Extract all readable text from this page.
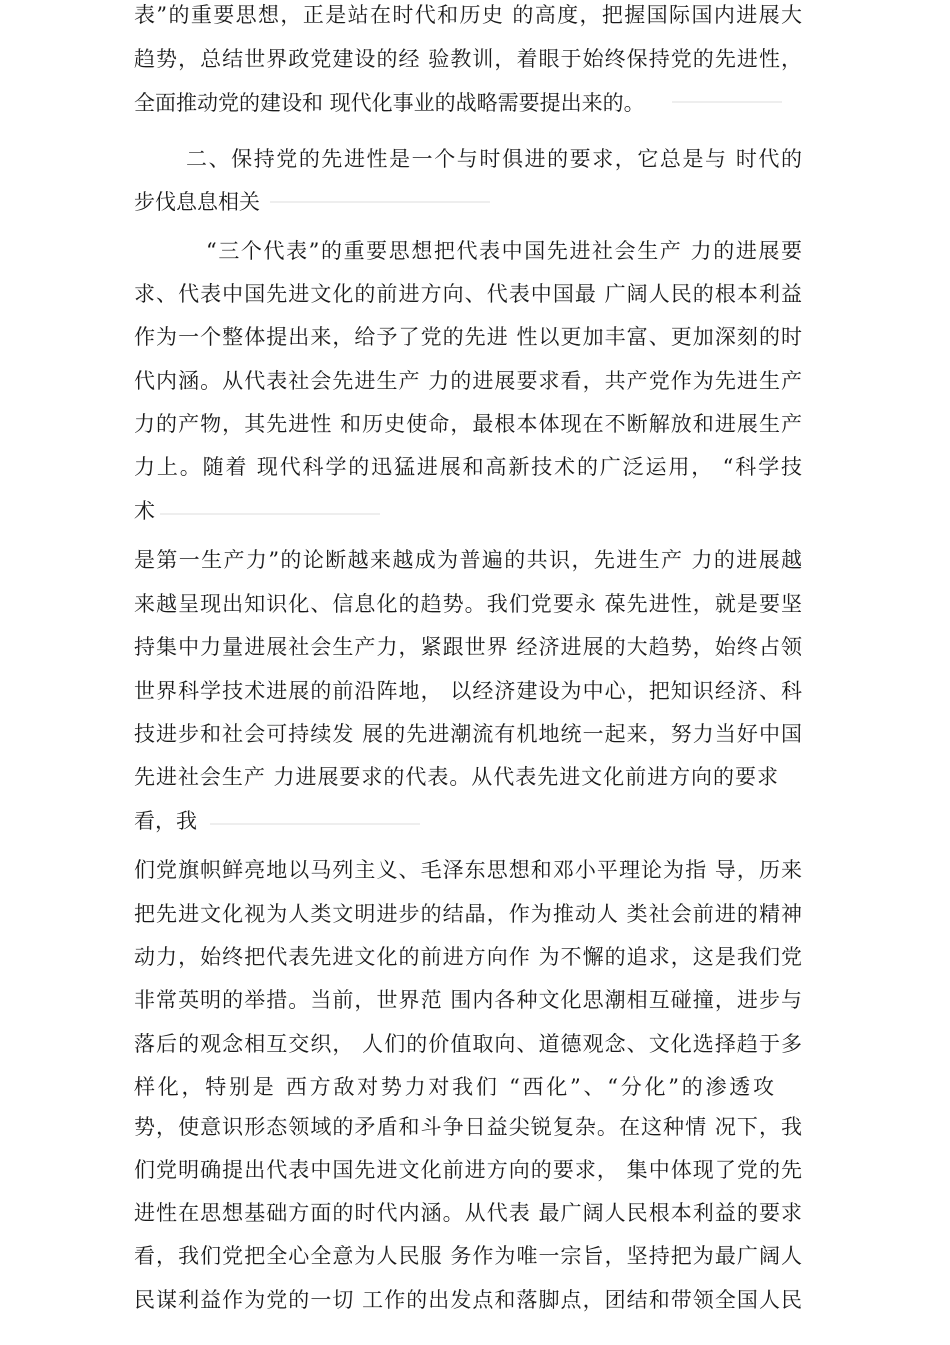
表”的重要思想，正是站在时代和历史 的高度，把握国际国内进展大
趋势，总结世界政党建设的经 验教训，着眼于始终保持党的先进性，
全面推动党的建设和 现代化事业的战略需要提出来的。
二、保持党的先进性是一个与时俱进的要求，它总是与 时代的
步伐息息相关
“三个代表”的重要思想把代表中国先进社会生产 力的进展要
求、代表中国先进文化的前进方向、代表中国最 广阔人民的根本利益
作为一个整体提出来，给予了党的先进 性以更加丰富、更加深刻的时
代内涵。从代表社会先进生产 力的进展要求看，共产党作为先进生产
力的产物，其先进性 和历史使命，最根本体现在不断解放和进展生产
力上。随着 现代科学的迅猛进展和高新技术的广泛运用， “科学技
术
是第一生产力”的论断越来越成为普遍的共识，先进生产 力的进展越
来越呈现出知识化、信息化的趋势。我们党要永 葆先进性，就是要坚
持集中力量进展社会生产力，紧跟世界 经济进展的大趋势，始终占领
世界科学技术进展的前沿阵地， 以经济建设为中心，把知识经济、科
技进步和社会可持续发 展的先进潮流有机地统一起来，努力当好中国
先进社会生产 力进展要求的代表。从代表先进文化前进方向的要求
看，我
们党旗帜鲜亮地以马列主义、毛泽东思想和邓小平理论为指 导，历来
把先进文化视为人类文明进步的结晶，作为推动人 类社会前进的精神
动力，始终把代表先进文化的前进方向作 为不懈的追求，这是我们党
非常英明的举措。当前，世界范 围内各种文化思潮相互碰撞，进步与
落后的观念相互交织， 人们的价值取向、道德观念、文化选择趋于多
样化，特别是 西方敌对势力对我们 “西化”、“分化”的渗透攻
势，使意识形态领域的矛盾和斗争日益尖锐复杂。在这种情 况下，我
们党明确提出代表中国先进文化前进方向的要求， 集中体现了党的先
进性在思想基础方面的时代内涵。从代表 最广阔人民根本利益的要求
看，我们党把全心全意为人民服 务作为唯一宗旨，坚持把为最广阔人
民谋利益作为党的一切 工作的出发点和落脚点，团结和带领全国人民
